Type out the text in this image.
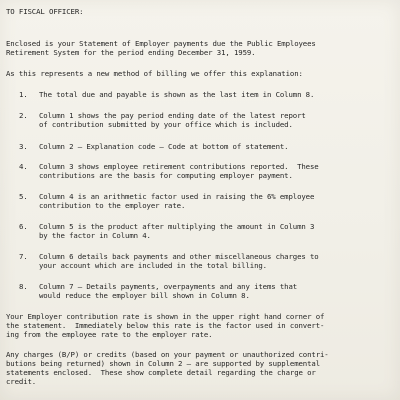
TO FISCAL OFFICER:
Enclosed is your Statement of Employer payments due the Public Employees
Retirement System for the period ending December 31, 1959.
As this represents a new method of billing we offer this explanation:
1. The total due and payable is shown as the last item in Column 8.
2. Column 1 shows the pay period ending date of the latest report
of contribution submitted by your office which is included.
3. Column 2 — Explanation code — Code at bottom of statement.
4. Column 3 shows employee retirement contributions reported.  These
contributions are the basis for computing employer payment.
5. Column 4 is an arithmetic factor used in raising the 6% employee
contribution to the employer rate.
6. Column 5 is the product after multiplying the amount in Column 3
by the factor in Column 4.
7. Column 6 details back payments and other miscellaneous charges to
your account which are included in the total billing.
8. Column 7 — Details payments, overpayments and any items that
would reduce the employer bill shown in Column 8.
Your Employer contribution rate is shown in the upper right hand corner of
the statement.  Immediately below this rate is the factor used in convert-
ing from the employee rate to the employer rate.
Any charges (B/P) or credits (based on your payment or unauthorized contri-
butions being returned) shown in Column 2 — are supported by supplemental
statements enclosed.  These show complete detail regarding the charge or
credit.
